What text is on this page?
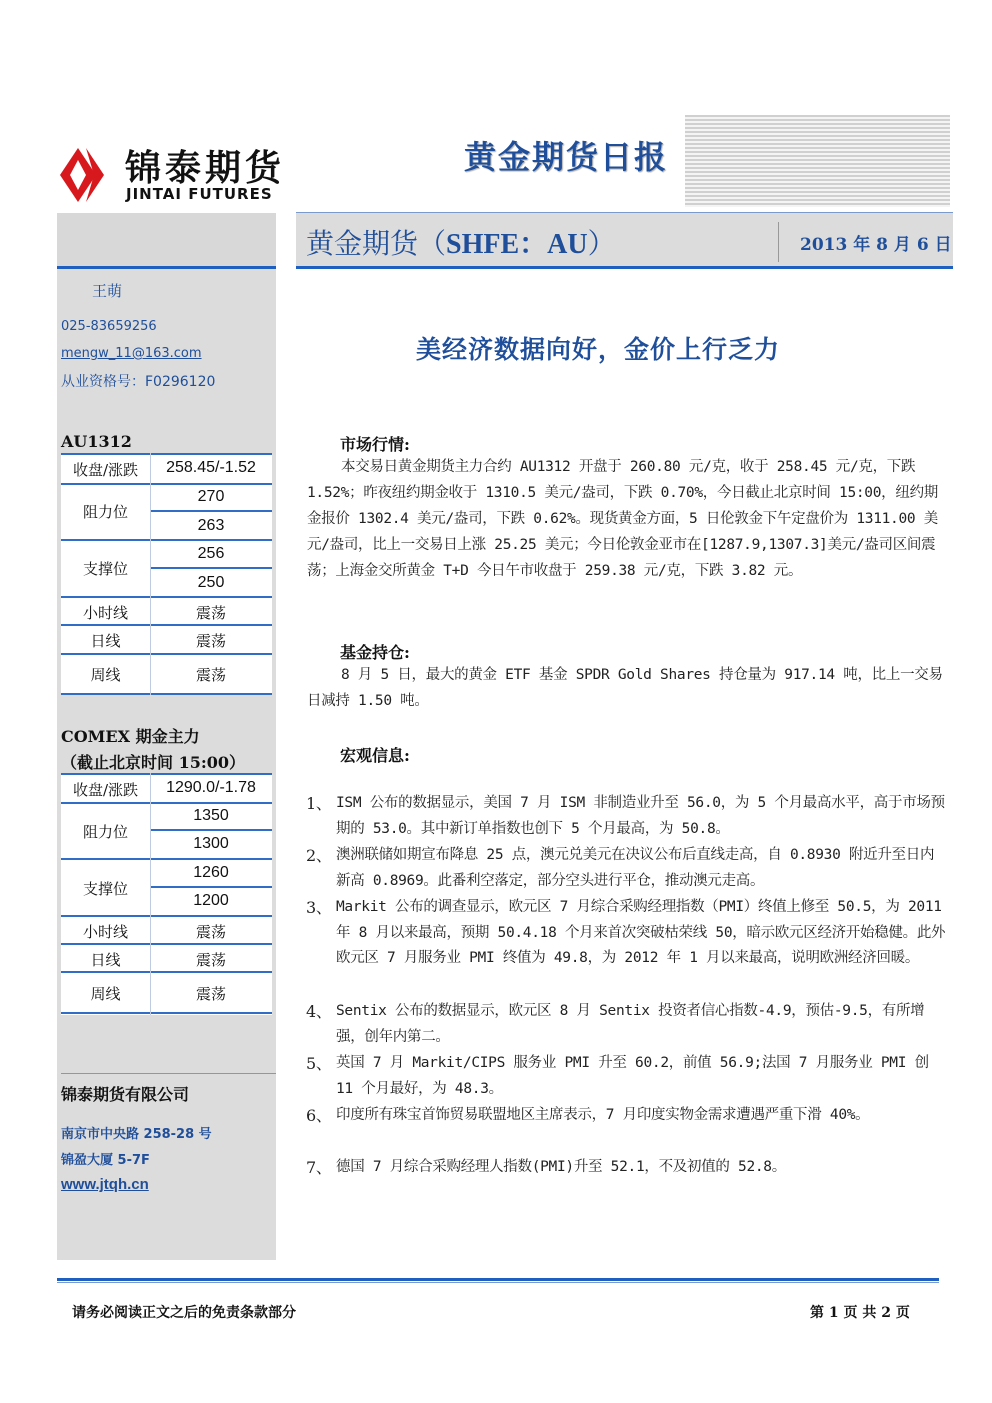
锦泰期货
JINTAI FUTURES
黄金期货日报
黄金期货（SHFE：AU）	2013 年 8 月 6 日
王萌
025-83659256
mengw_11@163.com
从业资格号：F0296120
AU1312
收盘/涨跌	258.45/-1.52
阻力位
270
263
支撑位
256
250
小时线	震荡
日线	震荡
周线	震荡
COMEX 期金主力
（截止北京时间 15:00）
收盘/涨跌	1290.0/-1.78
阻力位
1350
1300
支撑位
1260
1200
小时线	震荡
日线	震荡
周线	震荡
锦泰期货有限公司
南京市中央路 258-28 号
锦盈大厦 5-7F
www.jtqh.cn
美经济数据向好，金价上行乏力
市场行情:
本交易日黄金期货主力合约 AU1312 开盘于 260.80 元/克，收于 258.45 元/克，下跌 1.52%；昨夜纽约期金收于 1310.5 美元/盎司，下跌 0.70%，今日截止北京时间 15:00，纽约期金报价 1302.4 美元/盎司，下跌 0.62%。现货黄金方面，5 日伦敦金下午定盘价为 1311.00 美元/盎司，比上一交易日上涨 25.25 美元；今日伦敦金亚市在[1287.9,1307.3]美元/盎司区间震荡；上海金交所黄金 T+D 今日午市收盘于 259.38 元/克，下跌 3.82 元。
基金持仓:
8 月 5 日，最大的黄金 ETF 基金 SPDR Gold Shares 持仓量为 917.14 吨，比上一交易日减持 1.50 吨。
宏观信息:
1、 ISM 公布的数据显示，美国 7 月 ISM 非制造业升至 56.0，为 5 个月最高水平，高于市场预期的 53.0。其中新订单指数也创下 5 个月最高，为 50.8。
2、 澳洲联储如期宣布降息 25 点，澳元兑美元在决议公布后直线走高，自 0.8930 附近升至日内新高 0.8969。此番利空落定，部分空头进行平仓，推动澳元走高。
3、 Markit 公布的调查显示，欧元区 7 月综合采购经理指数（PMI）终值上修至 50.5，为 2011 年 8 月以来最高，预期 50.4.18 个月来首次突破枯荣线 50，暗示欧元区经济开始稳健。此外欧元区 7 月服务业 PMI 终值为 49.8，为 2012 年 1 月以来最高，说明欧洲经济回暖。
4、 Sentix 公布的数据显示，欧元区 8 月 Sentix 投资者信心指数-4.9，预估-9.5，有所增强，创年内第二。
5、 英国 7 月 Markit/CIPS 服务业 PMI 升至 60.2，前值 56.9;法国 7 月服务业 PMI 创 11 个月最好，为 48.3。
6、 印度所有珠宝首饰贸易联盟地区主席表示，7 月印度实物金需求遭遇严重下滑 40%。
7、 德国 7 月综合采购经理人指数(PMI)升至 52.1，不及初值的 52.8。
请务必阅读正文之后的免责条款部分	第 1 页 共 2 页
